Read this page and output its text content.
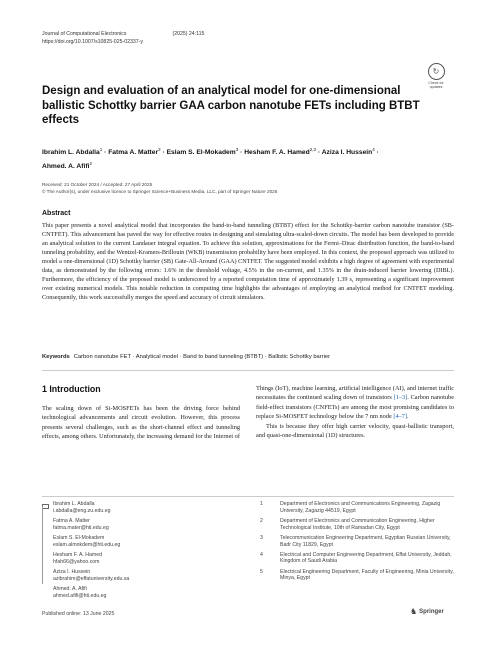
Journal of Computational Electronics	(2025) 24:115
https://doi.org/10.1007/s10825-025-02337-y
↻
Check for updates
Design and evaluation of an analytical model for one-dimensional ballistic Schottky barrier GAA carbon nanotube FETs including BTBT effects
Ibrahim L. Abdalla$^1$ · Fatma A. Matter$^2$ · Eslam S. El-Mokadem$^3$ · Hesham F. A. Hamed$^{2,3}$ · Aziza I. Hussein$^4$ ·
Ahmed. A. Afifi$^2$
Received: 21 October 2024 / Accepted: 27 April 2025
© The Author(s), under exclusive licence to Springer Science+Business Media, LLC, part of Springer Nature 2025
Abstract
This paper presents a novel analytical model that incorporates the band-to-band tunneling (BTBT) effect for the Schottky-barrier carbon nanotube transistor (SB-CNTFET). This advancement has paved the way for effective routes in designing and simulating ultra-scaled-down circuits. The model has been developed to provide an analytical solution to the current Landauer integral equation. To achieve this solution, approximations for the Fermi–Dirac distribution function, the band-to-band tunneling probability, and the Wentzel-Kramers-Brillouin (WKB) transmission probability have been employed. In this context, the proposed approach was utilized to model a one-dimensional (1D) Schottky barrier (SB) Gate-All-Around (GAA) CNTFET. The suggested model exhibits a high degree of agreement with experimental data, as demonstrated by the following errors: 1.6% in the threshold voltage, 4.5% in the on-current, and 1.35% in the drain-induced barrier lowering (DIBL). Furthermore, the efficiency of the proposed model is underscored by a reported computation time of approximately 1.39 s, representing a significant improvement over existing numerical models. This notable reduction in computing time highlights the advantages of employing an analytical method for CNTFET modeling. Consequently, this work successfully merges the speed and accuracy of circuit simulators.
Keywords Carbon nanotube FET · Analytical model · Band to band tunneling (BTBT) · Ballistic Schottky barrier
1 Introduction

The scaling down of Si-MOSFETs has been the driving force behind technological advancements and circuit evolution. However, this process presents several challenges, such as the short-channel effect and tunneling effects, among others. Unfortunately, the increasing demand for the Internet of

Things (IoT), machine learning, artificial intelligence (AI), and internet traffic necessitates the continued scaling down of transistors [1–3]. Carbon nanotube field-effect transistors (CNFETs) are among the most promising candidates to replace Si-MOSFET technology below the 7 nm node [4–7].

This is because they offer high carrier velocity, quasi-ballistic transport, and quasi-one-dimensional (1D) structures.

Ibrahim L. Abdalla
i.abdalla@eng.zu.edu.eg
Fatma A. Matter
fatma.mater@hti.edu.eg
Eslam S. El-Mokadem
eslam.almokdem@hti.edu.eg
Hesham F. A. Hamed
hfah66@yahoo.com
Aziza I. Hussein
azibrahim@effatuniversity.edu.sa
Ahmed. A. Afifi
ahmed.afifi@hti.edu.eg
1	Department of Electronics and Communications Engineering, Zagazig University, Zagazig 44519, Egypt
2	Department of Electronics and Communication Engineering, Higher Technological Institute, 10th of Ramadan City, Egypt
3	Telecommunication Engineering Department, Egyptian Russian University, Badr City 11829, Egypt
4	Electrical and Computer Engineering Department, Effat University, Jeddah, Kingdom of Saudi Arabia
5	Electrical Engineering Department, Faculty of Engineering, Minia University, Minya, Egypt
Published online: 13 June 2025	♞ Springer
